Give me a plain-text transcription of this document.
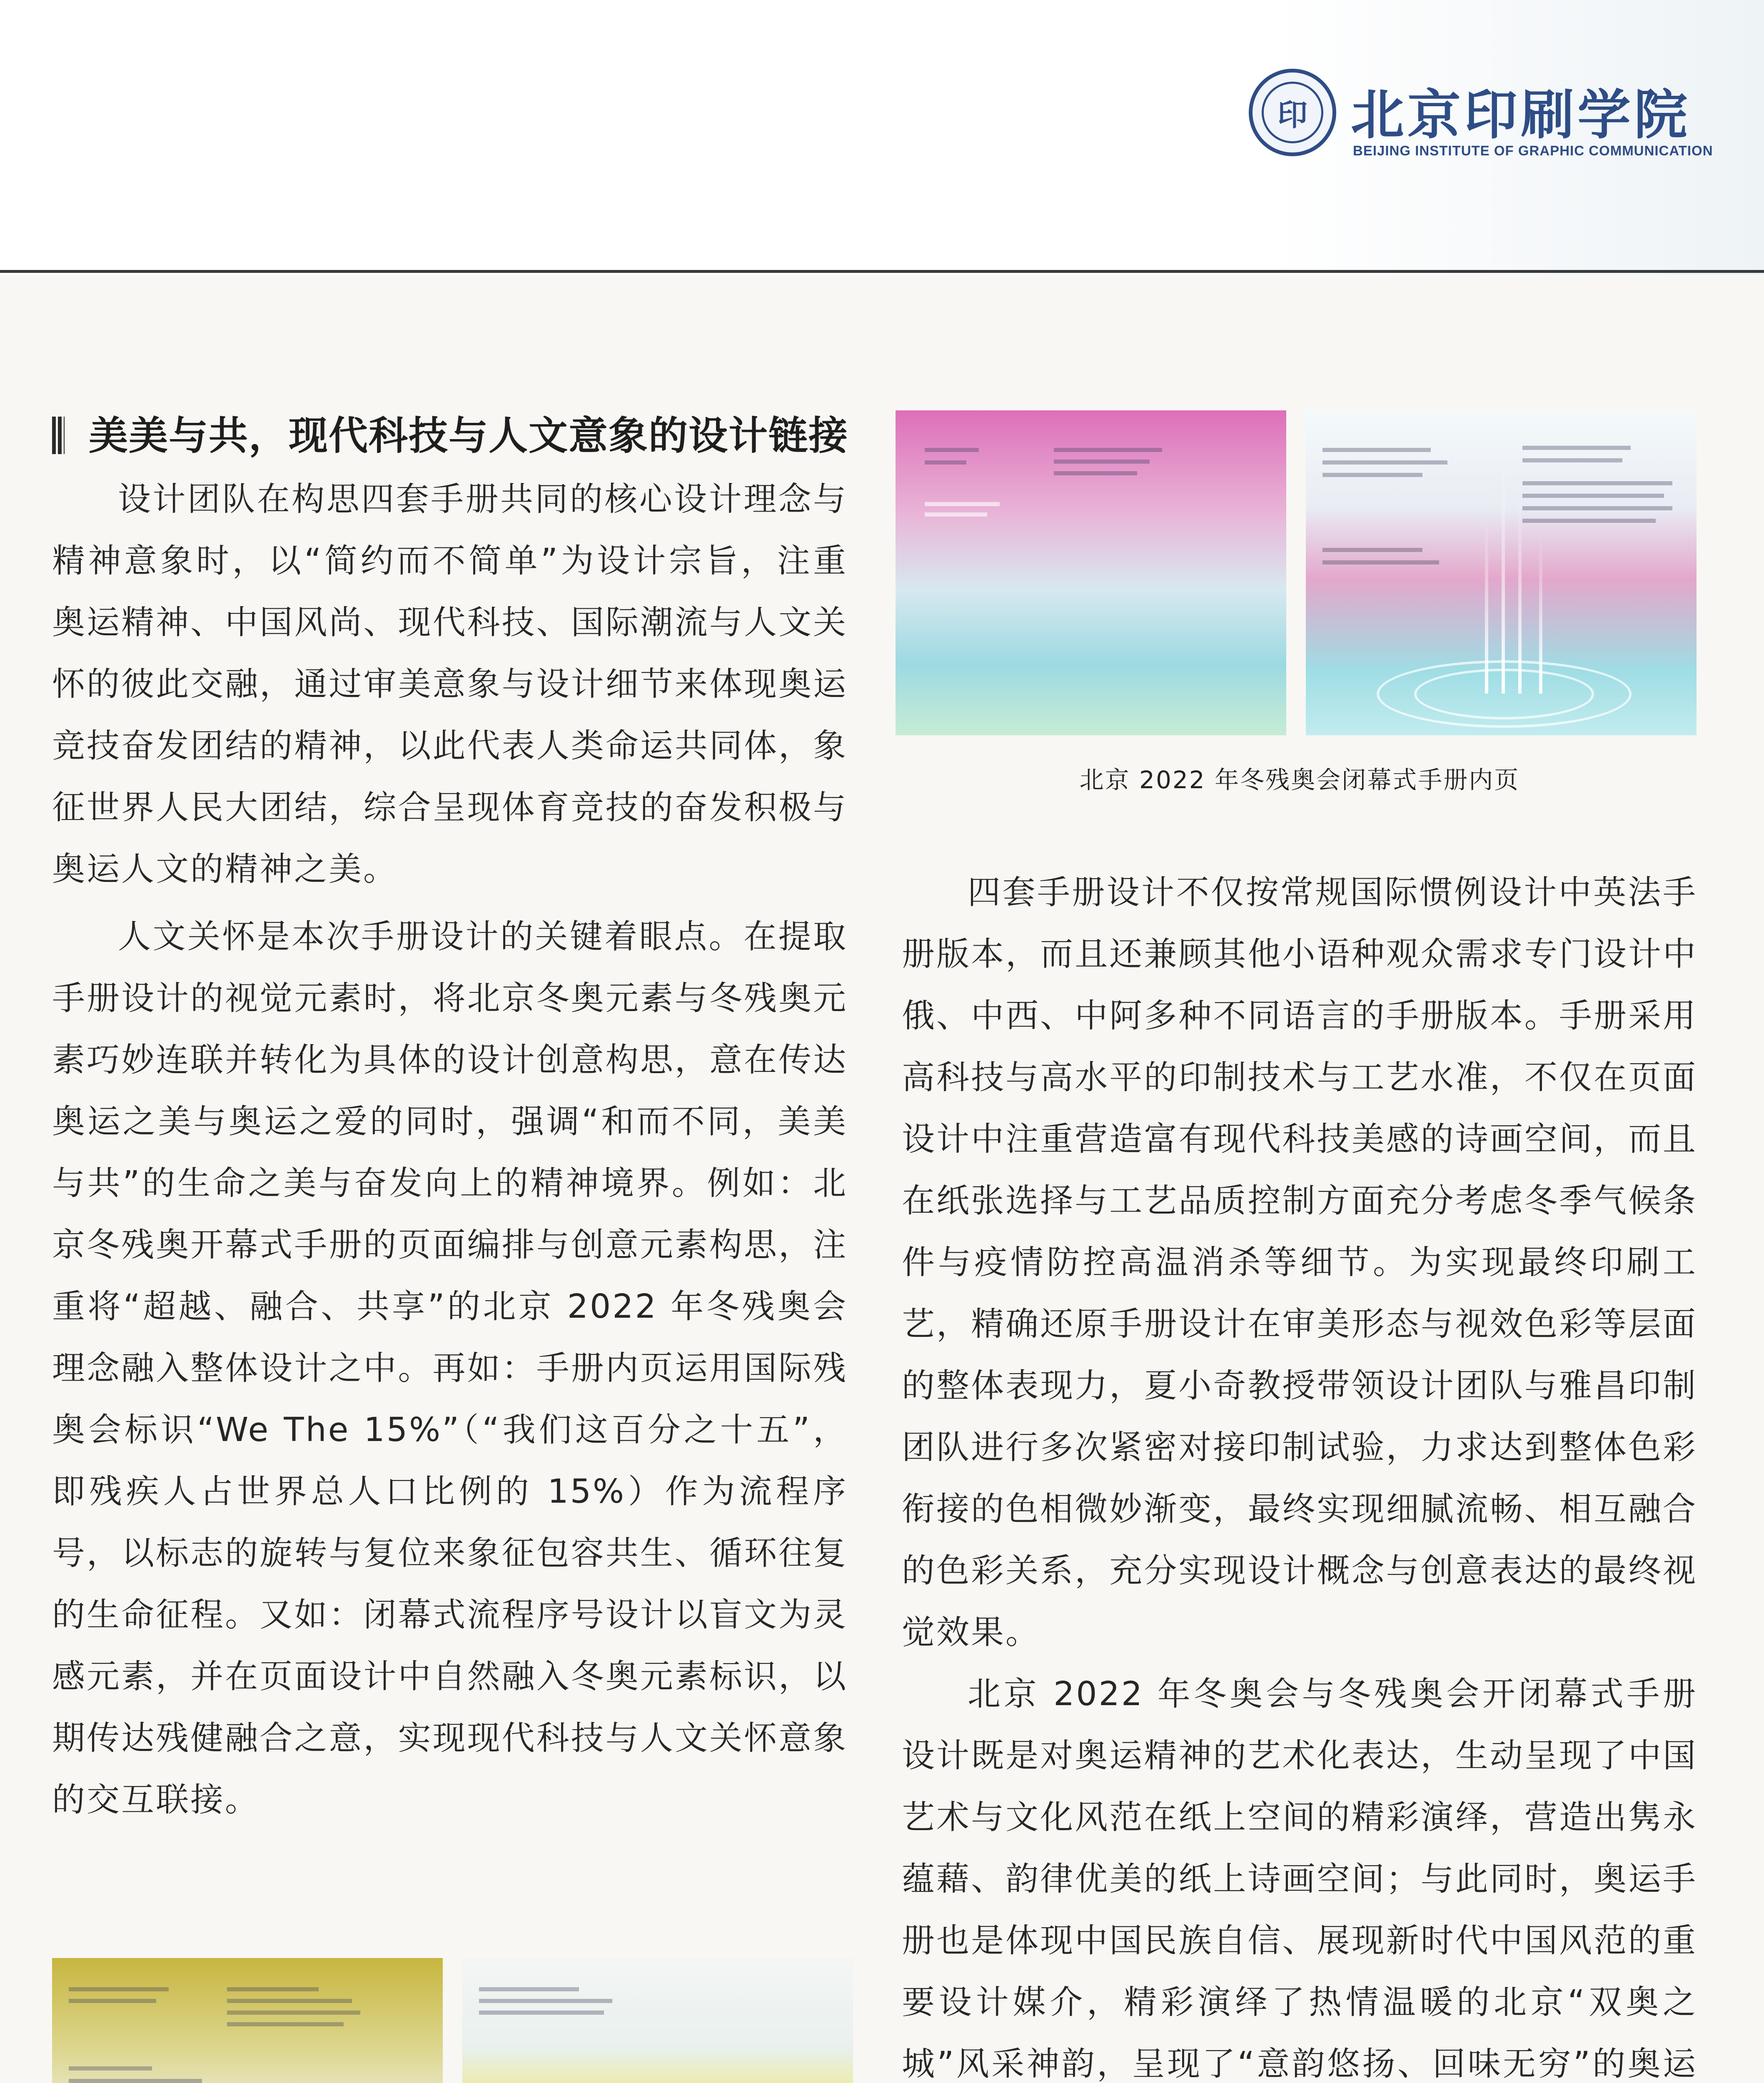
印 北京印刷学院
BEIJING INSTITUTE OF GRAPHIC COMMUNICATION
美美与共，现代科技与人文意象的设计链接

设计团队在构思四套手册共同的核心设计理念与精神意象时，以“简约而不简单”为设计宗旨，注重奥运精神、中国风尚、现代科技、国际潮流与人文关怀的彼此交融，通过审美意象与设计细节来体现奥运竞技奋发团结的精神，以此代表人类命运共同体，象征世界人民大团结，综合呈现体育竞技的奋发积极与奥运人文的精神之美。

人文关怀是本次手册设计的关键着眼点。在提取手册设计的视觉元素时，将北京冬奥元素与冬残奥元素巧妙连联并转化为具体的设计创意构思，意在传达奥运之美与奥运之爱的同时，强调“和而不同，美美与共”的生命之美与奋发向上的精神境界。例如：北京冬残奥开幕式手册的页面编排与创意元素构思，注重将“超越、融合、共享”的北京 2022 年冬残奥会理念融入整体设计之中。再如：手册内页运用国际残奥会标识“We The 15%”（“我们这百分之十五”，即残疾人占世界总人口比例的 15%）作为流程序号，以标志的旋转与复位来象征包容共生、循环往复的生命征程。又如：闭幕式流程序号设计以盲文为灵感元素，并在页面设计中自然融入冬奥元素标识，以期传达残健融合之意，实现现代科技与人文关怀意象的交互联接。

北京 2022 年冬残奥会闭幕式手册内页

四套手册设计不仅按常规国际惯例设计中英法手册版本，而且还兼顾其他小语种观众需求专门设计中俄、中西、中阿多种不同语言的手册版本。手册采用高科技与高水平的印制技术与工艺水准，不仅在页面设计中注重营造富有现代科技美感的诗画空间，而且在纸张选择与工艺品质控制方面充分考虑冬季气候条件与疫情防控高温消杀等细节。为实现最终印刷工艺，精确还原手册设计在审美形态与视效色彩等层面的整体表现力，夏小奇教授带领设计团队与雅昌印制团队进行多次紧密对接印制试验，力求达到整体色彩衔接的色相微妙渐变，最终实现细腻流畅、相互融合的色彩关系，充分实现设计概念与创意表达的最终视觉效果。

北京 2022 年冬奥会与冬残奥会开闭幕式手册设计既是对奥运精神的艺术化表达，生动呈现了中国艺术与文化风范在纸上空间的精彩演绎，营造出隽永蕴藉、韵律优美的纸上诗画空间；与此同时，奥运手册也是体现中国民族自信、展现新时代中国风范的重要设计媒介，精彩演绎了热情温暖的北京“双奥之城”风采神韵，呈现了“意韵悠扬、回味无穷”的奥运
